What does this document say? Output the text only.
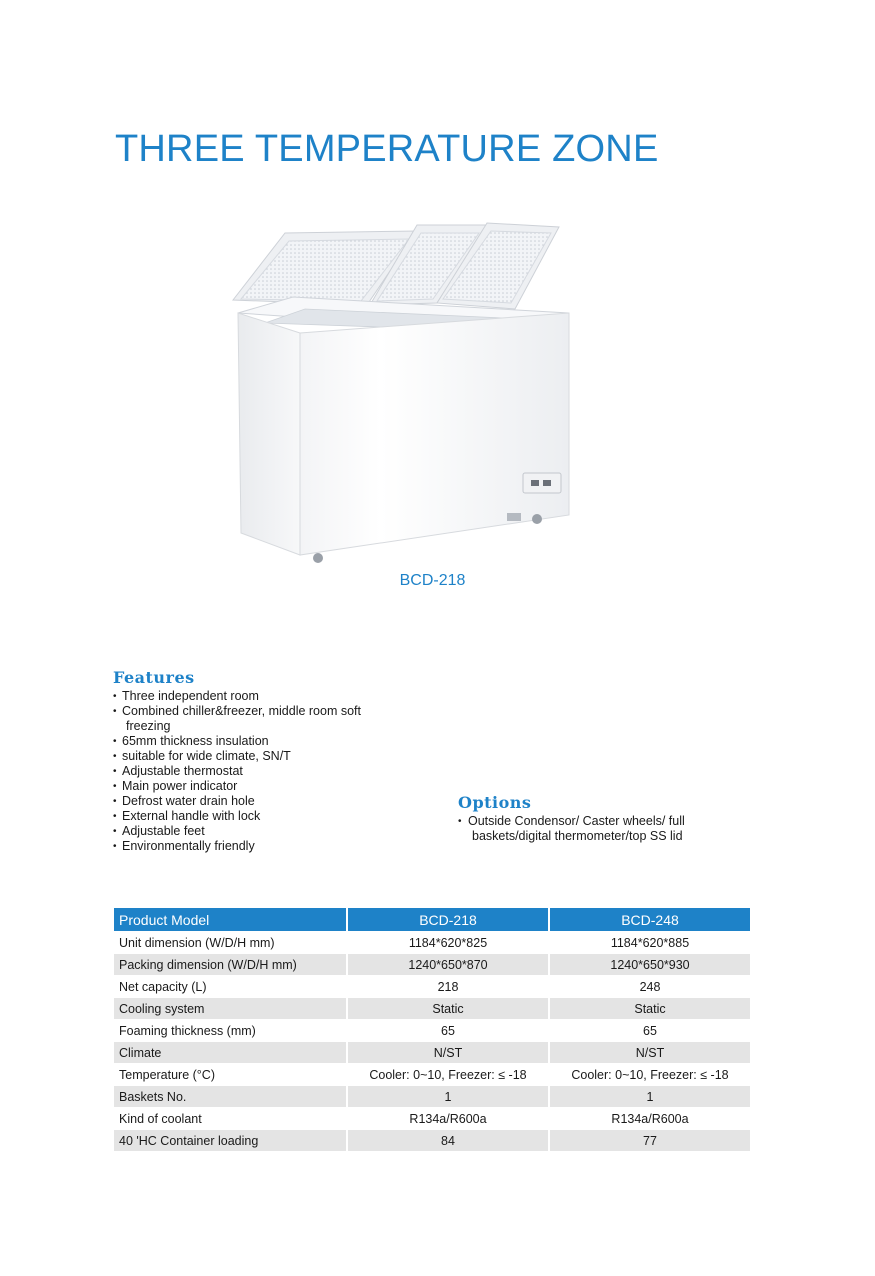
THREE TEMPERATURE ZONE
BCD-218
Features
• Three independent room
• Combined chiller&freezer, middle room soft
freezing
• 65mm thickness insulation
• suitable for wide climate, SN/T
• Adjustable thermostat
• Main power indicator
• Defrost water drain hole
• External handle with lock
• Adjustable feet
• Environmentally friendly
Options
• Outside Condensor/ Caster wheels/ full
baskets/digital thermometer/top SS lid
Product Model	BCD-218	BCD-248
Unit dimension (W/D/H mm)	1184*620*825	1184*620*885
Packing dimension (W/D/H mm)	1240*650*870	1240*650*930
Net capacity (L)	218	248
Cooling system	Static	Static
Foaming thickness (mm)	65	65
Climate	N/ST	N/ST
Temperature (°C)	Cooler: 0~10, Freezer: ≤ -18	Cooler: 0~10, Freezer: ≤ -18
Baskets No.	1	1
Kind of coolant	R134a/R600a	R134a/R600a
40 'HC Container loading	84	77
